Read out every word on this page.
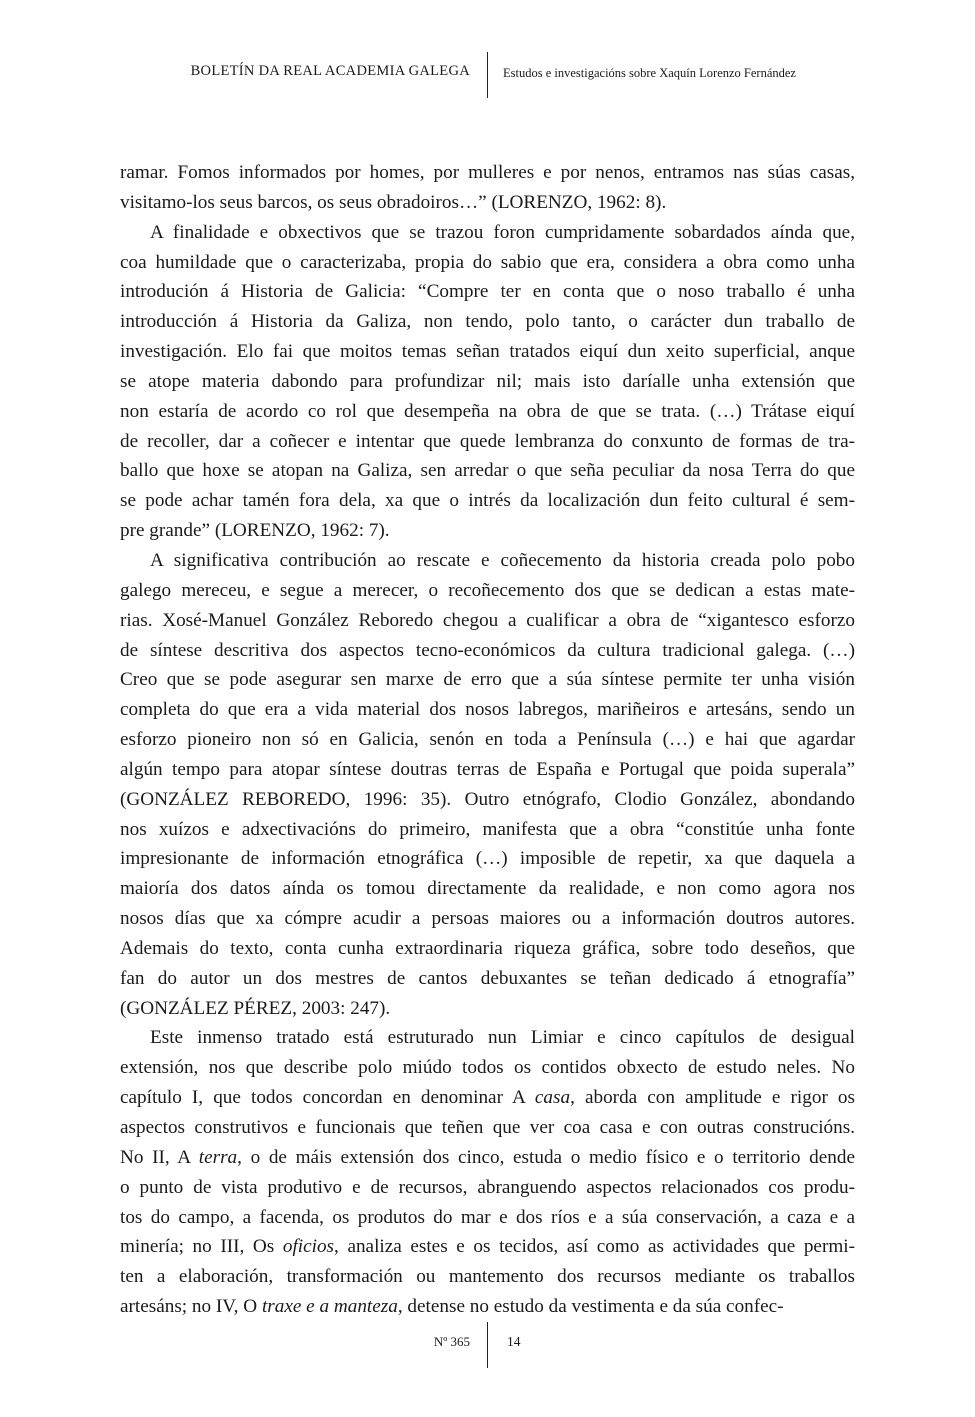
BOLETÍN DA REAL ACADEMIA GALEGA	Estudos e investigacións sobre Xaquín Lorenzo Fernández
ramar. Fomos informados por homes, por mulleres e por nenos, entramos nas súas casas,
visitamo-los seus barcos, os seus obradoiros…” (LORENZO, 1962: 8).
A finalidade e obxectivos que se trazou foron cumpridamente sobardados aínda que,
coa humildade que o caracterizaba, propia do sabio que era, considera a obra como unha
introdución á Historia de Galicia: “Compre ter en conta que o noso traballo é unha
introducción á Historia da Galiza, non tendo, polo tanto, o carácter dun traballo de
investigación. Elo fai que moitos temas señan tratados eiquí dun xeito superficial, anque
se atope materia dabondo para profundizar nil; mais isto daríalle unha extensión que
non estaría de acordo co rol que desempeña na obra de que se trata. (…) Trátase eiquí
de recoller, dar a coñecer e intentar que quede lembranza do conxunto de formas de tra-
ballo que hoxe se atopan na Galiza, sen arredar o que seña peculiar da nosa Terra do que
se pode achar tamén fora dela, xa que o intrés da localización dun feito cultural é sem-
pre grande” (LORENZO, 1962: 7).
A significativa contribución ao rescate e coñecemento da historia creada polo pobo
galego mereceu, e segue a merecer, o recoñecemento dos que se dedican a estas mate-
rias. Xosé-Manuel González Reboredo chegou a cualificar a obra de “xigantesco esforzo
de síntese descritiva dos aspectos tecno-económicos da cultura tradicional galega. (…)
Creo que se pode asegurar sen marxe de erro que a súa síntese permite ter unha visión
completa do que era a vida material dos nosos labregos, mariñeiros e artesáns, sendo un
esforzo pioneiro non só en Galicia, senón en toda a Península (…) e hai que agardar
algún tempo para atopar síntese doutras terras de España e Portugal que poida superala”
(GONZÁLEZ REBOREDO, 1996: 35). Outro etnógrafo, Clodio González, abondando
nos xuízos e adxectivacións do primeiro, manifesta que a obra “constitúe unha fonte
impresionante de información etnográfica (…) imposible de repetir, xa que daquela a
maioría dos datos aínda os tomou directamente da realidade, e non como agora nos
nosos días que xa cómpre acudir a persoas maiores ou a información doutros autores.
Ademais do texto, conta cunha extraordinaria riqueza gráfica, sobre todo deseños, que
fan do autor un dos mestres de cantos debuxantes se teñan dedicado á etnografía”
(GONZÁLEZ PÉREZ, 2003: 247).
Este inmenso tratado está estruturado nun Limiar e cinco capítulos de desigual
extensión, nos que describe polo miúdo todos os contidos obxecto de estudo neles. No
capítulo I, que todos concordan en denominar A casa, aborda con amplitude e rigor os
aspectos construtivos e funcionais que teñen que ver coa casa e con outras construcións.
No II, A terra, o de máis extensión dos cinco, estuda o medio físico e o territorio dende
o punto de vista produtivo e de recursos, abranguendo aspectos relacionados cos produ-
tos do campo, a facenda, os produtos do mar e dos ríos e a súa conservación, a caza e a
minería; no III, Os oficios, analiza estes e os tecidos, así como as actividades que permi-
ten a elaboración, transformación ou mantemento dos recursos mediante os traballos
artesáns; no IV, O traxe e a manteza, detense no estudo da vestimenta e da súa confec-
Nº 365	14
